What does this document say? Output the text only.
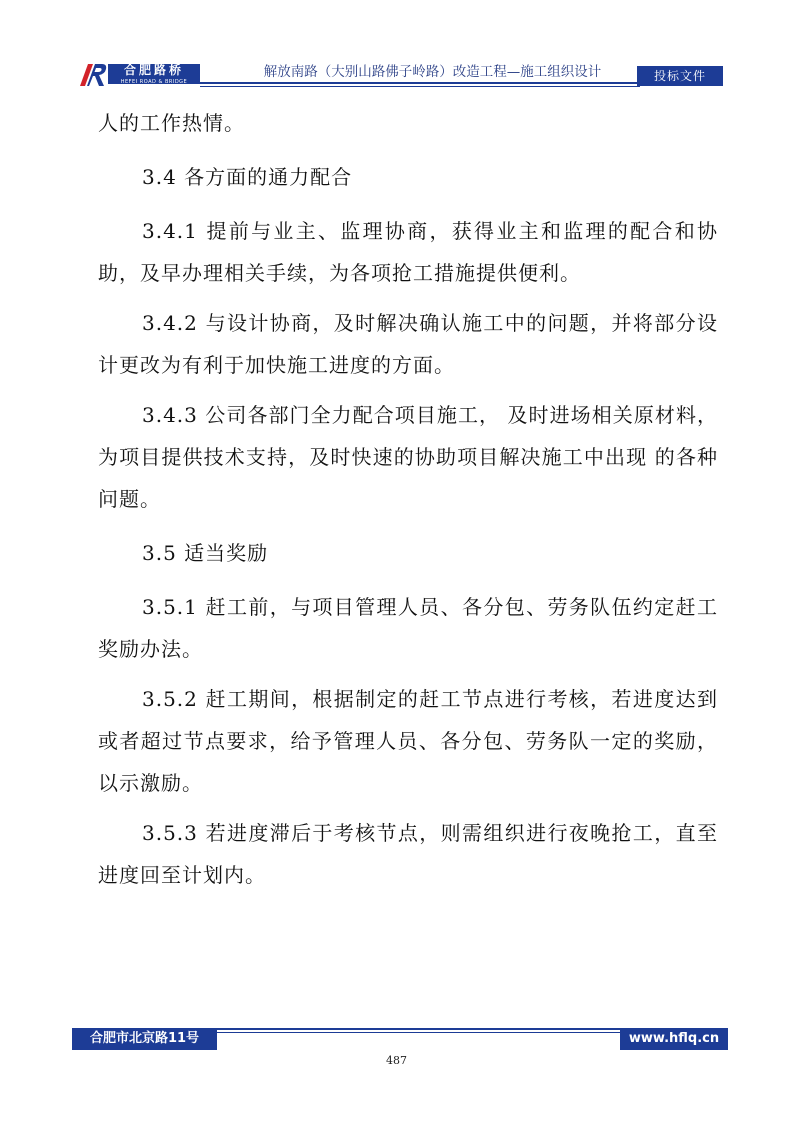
合肥路桥
HEFEI ROAD & BRIDGE
解放南路（大别山路佛子岭路）改造工程—施工组织设计	投标文件

人的工作热情。

3.4 各方面的通力配合

3.4.1 提前与业主、监理协商，获得业主和监理的配合和协助，及早办理相关手续，为各项抢工措施提供便利。

3.4.2 与设计协商，及时解决确认施工中的问题，并将部分设计更改为有利于加快施工进度的方面。

3.4.3 公司各部门全力配合项目施工， 及时进场相关原材料，为项目提供技术支持，及时快速的协助项目解决施工中出现 的各种问题。

3.5 适当奖励

3.5.1 赶工前，与项目管理人员、各分包、劳务队伍约定赶工奖励办法。

3.5.2 赶工期间，根据制定的赶工节点进行考核，若进度达到或者超过节点要求，给予管理人员、各分包、劳务队一定的奖励，以示激励。

3.5.3 若进度滞后于考核节点，则需组织进行夜晚抢工，直至进度回至计划内。

合肥市北京路11号	www.hflq.cn
487
